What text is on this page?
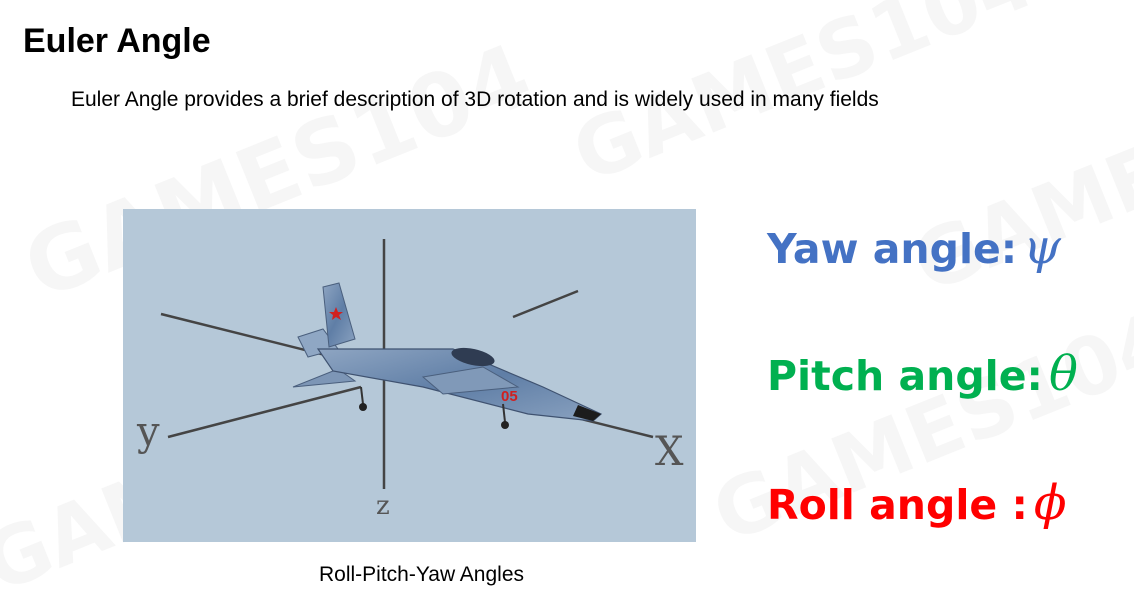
Euler Angle

Euler Angle provides a brief description of 3D rotation and is widely used in many fields

05
X
y
z
Roll-Pitch-Yaw Angles
Yaw angle: ψ
Pitch angle: θ
Roll angle : ϕ
